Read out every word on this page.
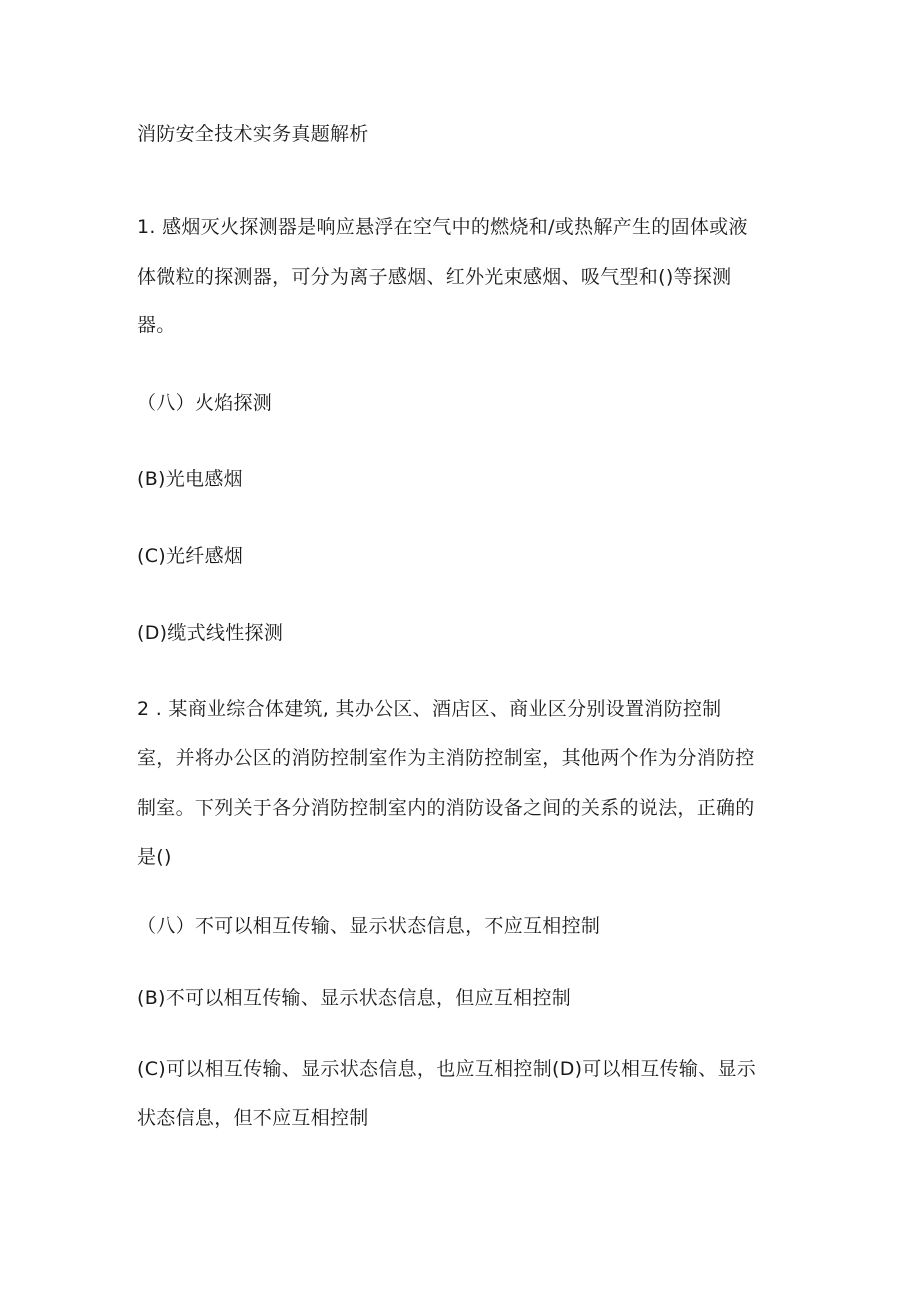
消防安全技术实务真题解析
1. 感烟灭火探测器是响应悬浮在空气中的燃烧和/或热解产生的固体或液
体微粒的探测器，可分为离子感烟、红外光束感烟、吸气型和()等探测
器。
（八）火焰探测
(B)光电感烟
(C)光纤感烟
(D)缆式线性探测
2 . 某商业综合体建筑, 其办公区、酒店区、商业区分别设置消防控制
室，并将办公区的消防控制室作为主消防控制室，其他两个作为分消防控
制室。下列关于各分消防控制室内的消防设备之间的关系的说法，正确的
是()
（八）不可以相互传输、显示状态信息，不应互相控制
(B)不可以相互传输、显示状态信息，但应互相控制
(C)可以相互传输、显示状态信息，也应互相控制(D)可以相互传输、显示
状态信息，但不应互相控制
